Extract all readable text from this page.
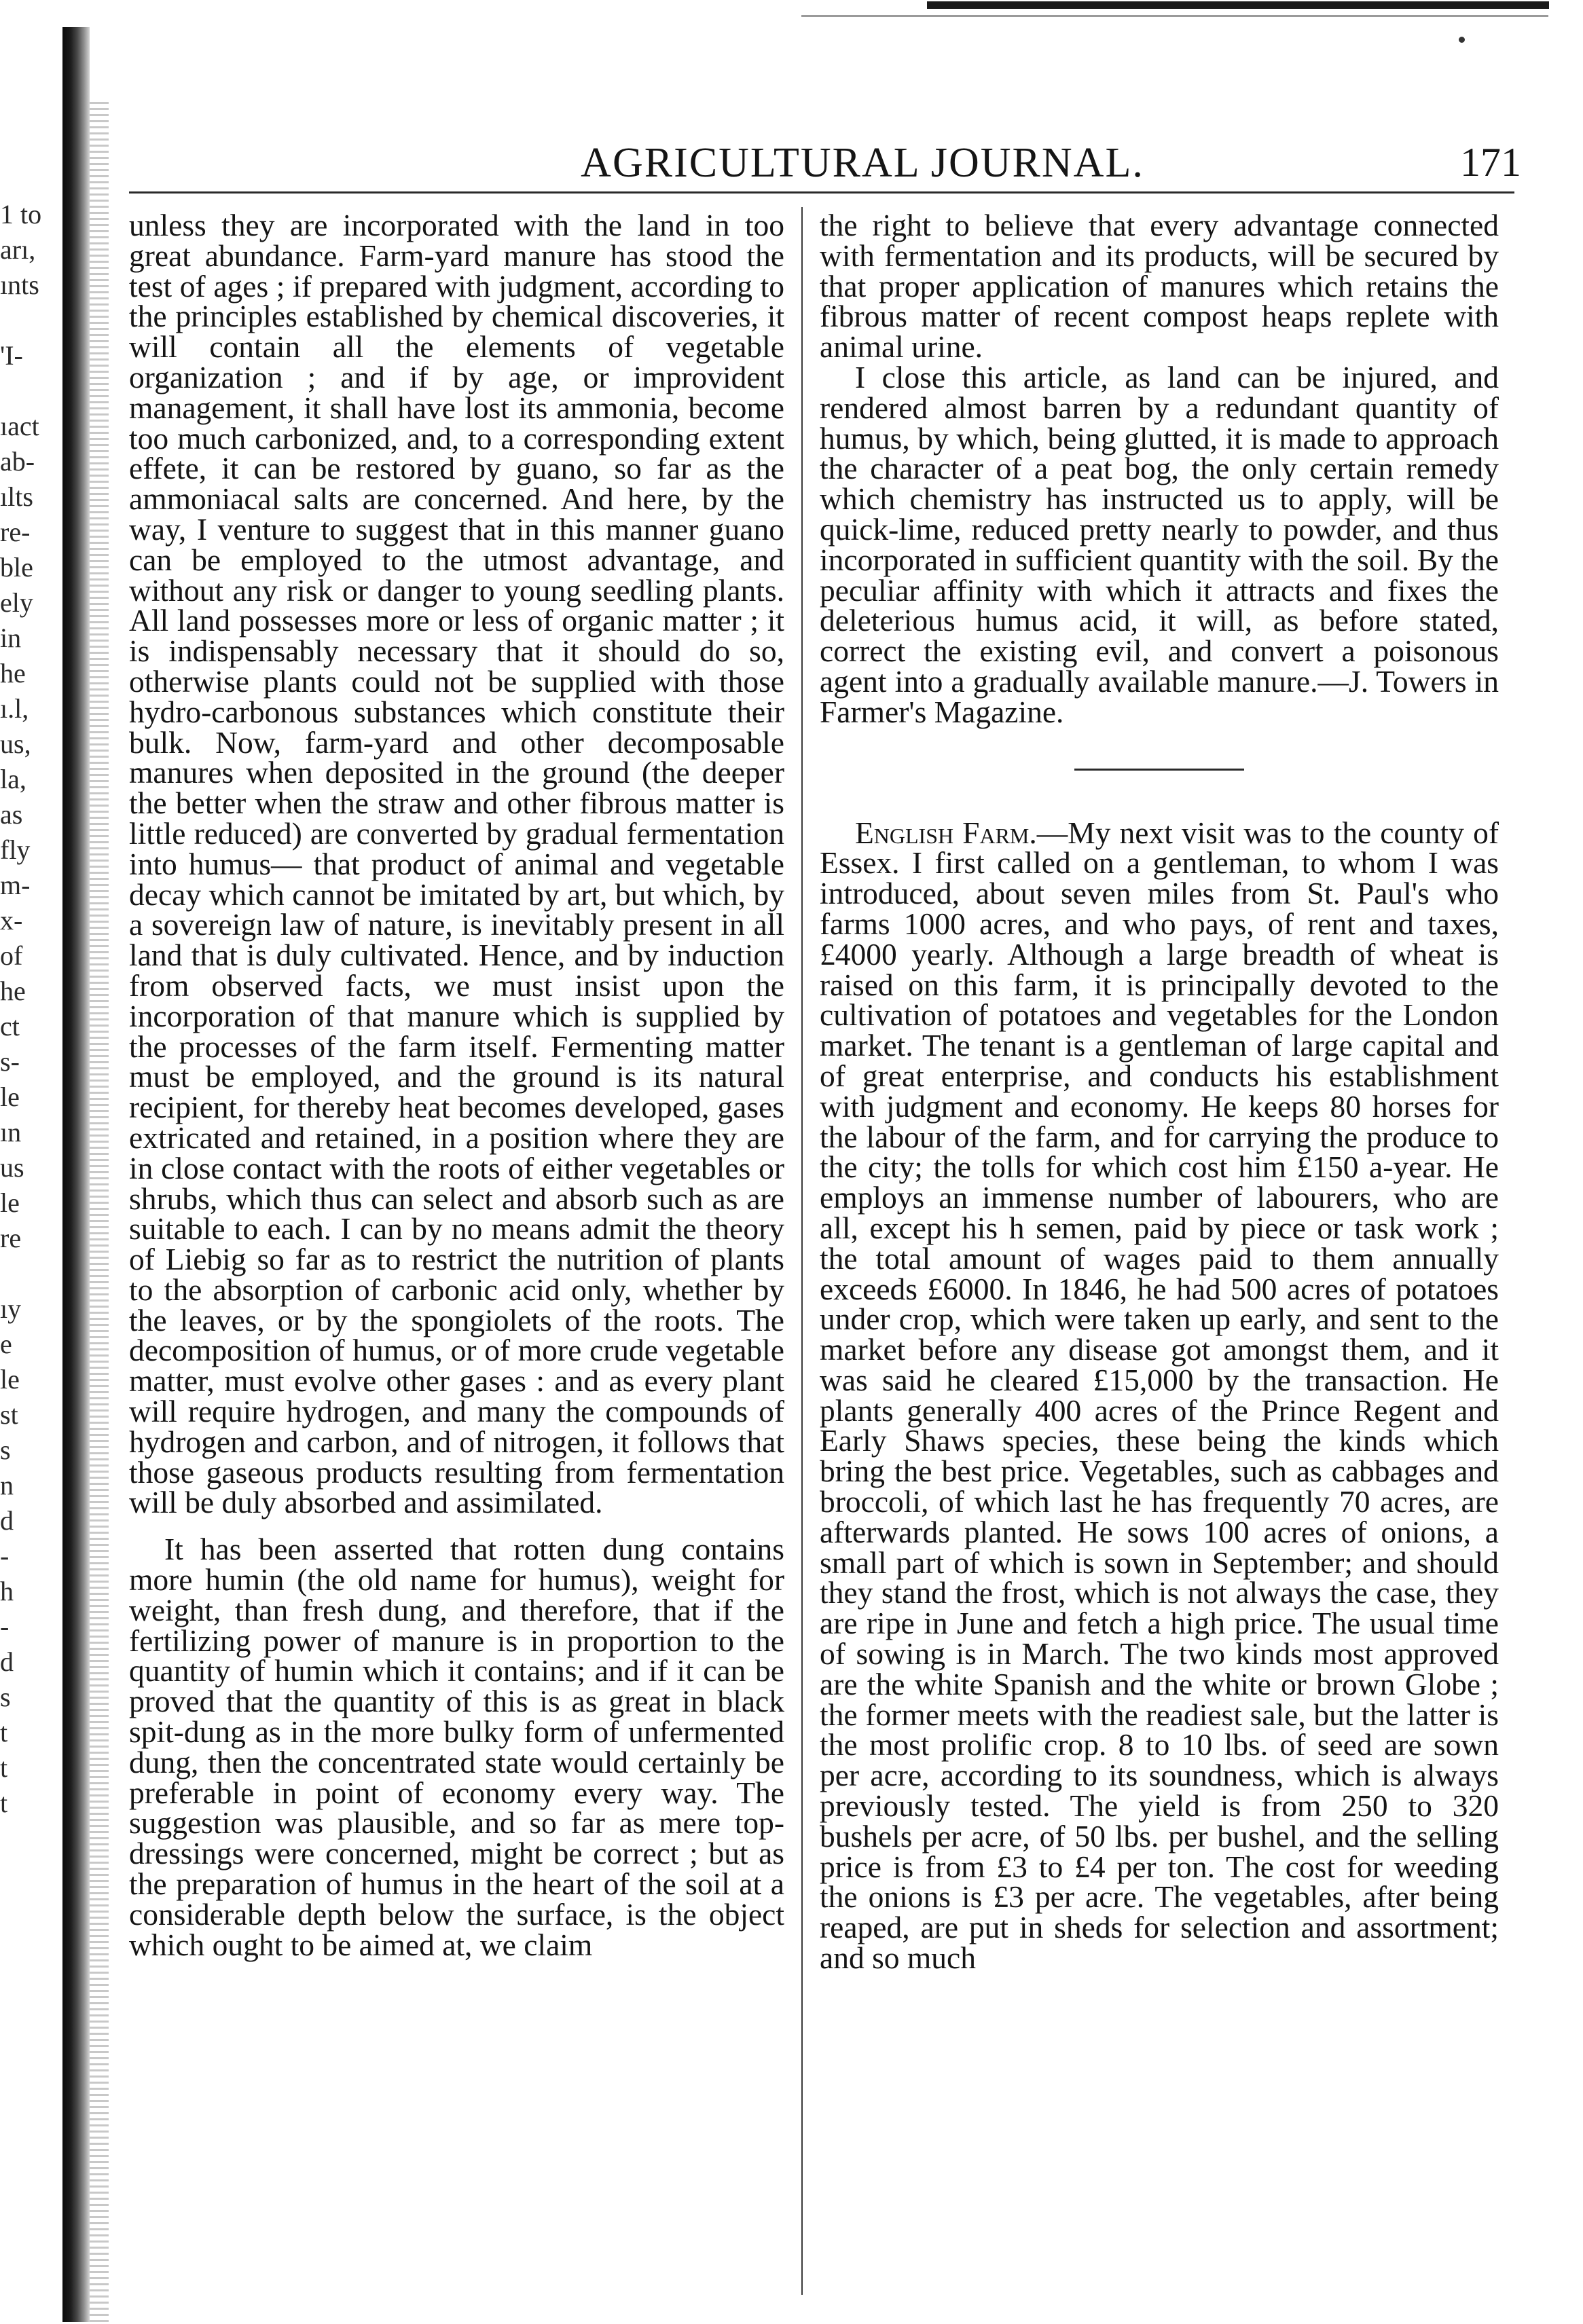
1 to
arı,
ınts
'I-
ıact
ab-
ılts
re-
ble
ely
in
he
ı.l,
us,
la,
as
fly
m-
x-
of
he
ct
s-
le
ın
us
le
re
ıy
e
le
st
s
n
d
-
h
-
d
s
t
t
t
AGRICULTURAL JOURNAL.	171

unless they are incorporated with the land in too great abundance. Farm-yard manure has stood the test of ages ; if prepared with judgment, according to the principles established by chemical discoveries, it will contain all the elements of vegetable organization ; and if by age, or improvident management, it shall have lost its ammonia, become too much carbonized, and, to a corresponding extent effete, it can be restored by guano, so far as the ammoniacal salts are concerned. And here, by the way, I venture to suggest that in this manner guano can be employed to the utmost advantage, and without any risk or danger to young seedling plants. All land possesses more or less of organic matter ; it is indispensably necessary that it should do so, otherwise plants could not be supplied with those hydro-carbonous substances which constitute their bulk. Now, farm-yard and other decomposable manures when deposited in the ground (the deeper the better when the straw and other fibrous matter is little reduced) are converted by gradual fermentation into humus— that product of animal and vegetable decay which cannot be imitated by art, but which, by a sovereign law of nature, is inevitably present in all land that is duly cultivated. Hence, and by induction from observed facts, we must insist upon the incorporation of that manure which is supplied by the processes of the farm itself. Fermenting matter must be employed, and the ground is its natural recipient, for thereby heat becomes developed, gases extricated and retained, in a position where they are in close contact with the roots of either vegetables or shrubs, which thus can select and absorb such as are suitable to each. I can by no means admit the theory of Liebig so far as to restrict the nutrition of plants to the absorption of carbonic acid only, whether by the leaves, or by the spongiolets of the roots. The decomposition of humus, or of more crude vegetable matter, must evolve other gases : and as every plant will require hydrogen, and many the compounds of hydrogen and carbon, and of nitrogen, it follows that those gaseous products resulting from fermentation will be duly absorbed and assimilated.

It has been asserted that rotten dung contains more humin (the old name for humus), weight for weight, than fresh dung, and therefore, that if the fertilizing power of manure is in proportion to the quantity of humin which it contains; and if it can be proved that the quantity of this is as great in black spit-dung as in the more bulky form of unfermented dung, then the concentrated state would certainly be preferable in point of economy every way. The suggestion was plausible, and so far as mere top-dressings were concerned, might be correct ; but as the preparation of humus in the heart of the soil at a considerable depth below the surface, is the object which ought to be aimed at, we claim

the right to believe that every advantage connected with fermentation and its products, will be secured by that proper application of manures which retains the fibrous matter of recent compost heaps replete with animal urine.

I close this article, as land can be injured, and rendered almost barren by a redundant quantity of humus, by which, being glutted, it is made to approach the character of a peat bog, the only certain remedy which chemistry has instructed us to apply, will be quick-lime, reduced pretty nearly to powder, and thus incorporated in sufficient quantity with the soil. By the peculiar affinity with which it attracts and fixes the deleterious humus acid, it will, as before stated, correct the existing evil, and convert a poisonous agent into a gradually available manure.—J. Towers in Farmer's Magazine.

English Farm.—My next visit was to the county of Essex. I first called on a gentleman, to whom I was introduced, about seven miles from St. Paul's who farms 1000 acres, and who pays, of rent and taxes, £4000 yearly. Although a large breadth of wheat is raised on this farm, it is principally devoted to the cultivation of potatoes and vegetables for the London market. The tenant is a gentleman of large capital and of great enterprise, and conducts his establishment with judgment and economy. He keeps 80 horses for the labour of the farm, and for carrying the produce to the city; the tolls for which cost him £150 a-year. He employs an immense number of labourers, who are all, except his h semen, paid by piece or task work ; the total amount of wages paid to them annually exceeds £6000. In 1846, he had 500 acres of potatoes under crop, which were taken up early, and sent to the market before any disease got amongst them, and it was said he cleared £15,000 by the transaction. He plants generally 400 acres of the Prince Regent and Early Shaws species, these being the kinds which bring the best price. Vegetables, such as cabbages and broccoli, of which last he has frequently 70 acres, are afterwards planted. He sows 100 acres of onions, a small part of which is sown in September; and should they stand the frost, which is not always the case, they are ripe in June and fetch a high price. The usual time of sowing is in March. The two kinds most approved are the white Spanish and the white or brown Globe ; the former meets with the readiest sale, but the latter is the most prolific crop. 8 to 10 lbs. of seed are sown per acre, according to its soundness, which is always previously tested. The yield is from 250 to 320 bushels per acre, of 50 lbs. per bushel, and the selling price is from £3 to £4 per ton. The cost for weeding the onions is £3 per acre. The vegetables, after being reaped, are put in sheds for selection and assortment; and so much
